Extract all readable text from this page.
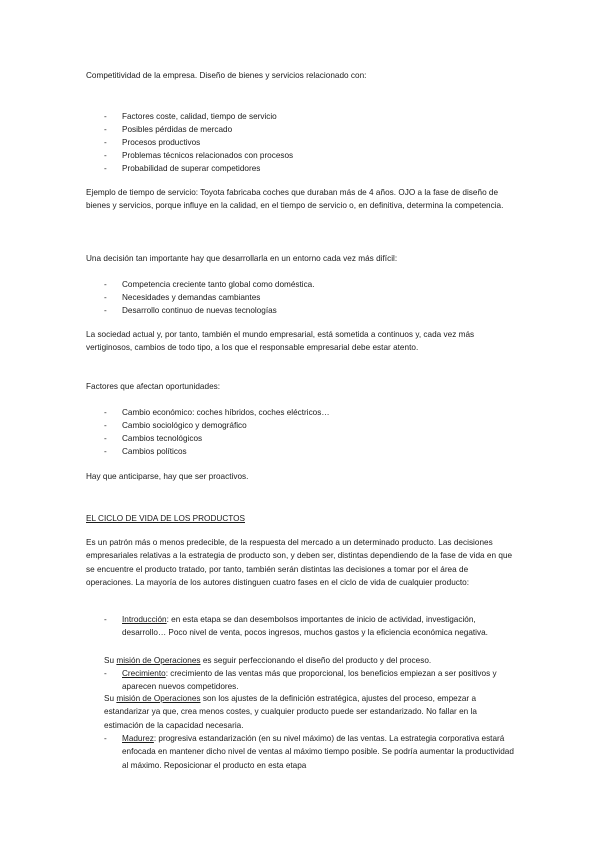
Competitividad de la empresa. Diseño de bienes y servicios relacionado con:

- Factores coste, calidad, tiempo de servicio
- Posibles pérdidas de mercado
- Procesos productivos
- Problemas técnicos relacionados con procesos
- Probabilidad de superar competidores

Ejemplo de tiempo de servicio: Toyota fabricaba coches que duraban más de 4 años. OJO a la fase de diseño de bienes y servicios, porque influye en la calidad, en el tiempo de servicio o, en definitiva, determina la competencia.

Una decisión tan importante hay que desarrollarla en un entorno cada vez más difícil:

- Competencia creciente tanto global como doméstica.
- Necesidades y demandas cambiantes
- Desarrollo continuo de nuevas tecnologías

La sociedad actual y, por tanto, también el mundo empresarial, está sometida a continuos y, cada vez más vertiginosos, cambios de todo tipo, a los que el responsable empresarial debe estar atento.

Factores que afectan oportunidades:

- Cambio económico: coches híbridos, coches eléctricos…
- Cambio sociológico y demográfico
- Cambios tecnológicos
- Cambios políticos

Hay que anticiparse, hay que ser proactivos.

EL CICLO DE VIDA DE LOS PRODUCTOS

Es un patrón más o menos predecible, de la respuesta del mercado a un determinado producto. Las decisiones empresariales relativas a la estrategia de producto son, y deben ser, distintas dependiendo de la fase de vida en que se encuentre el producto tratado, por tanto, también serán distintas las decisiones a tomar por el área de operaciones. La mayoría de los autores distinguen cuatro fases en el ciclo de vida de cualquier producto:

- Introducción: en esta etapa se dan desembolsos importantes de inicio de actividad, investigación, desarrollo… Poco nivel de venta, pocos ingresos, muchos gastos y la eficiencia económica negativa.

Su misión de Operaciones es seguir perfeccionando el diseño del producto y del proceso.

- Crecimiento: crecimiento de las ventas más que proporcional, los beneficios empiezan a ser positivos y aparecen nuevos competidores.

Su misión de Operaciones son los ajustes de la definición estratégica, ajustes del proceso, empezar a estandarizar ya que, crea menos costes, y cualquier producto puede ser estandarizado. No fallar en la estimación de la capacidad necesaria.

- Madurez: progresiva estandarización (en su nivel máximo) de las ventas. La estrategia corporativa estará enfocada en mantener dicho nivel de ventas al máximo tiempo posible. Se podría aumentar la productividad al máximo. Reposicionar el producto en esta etapa
